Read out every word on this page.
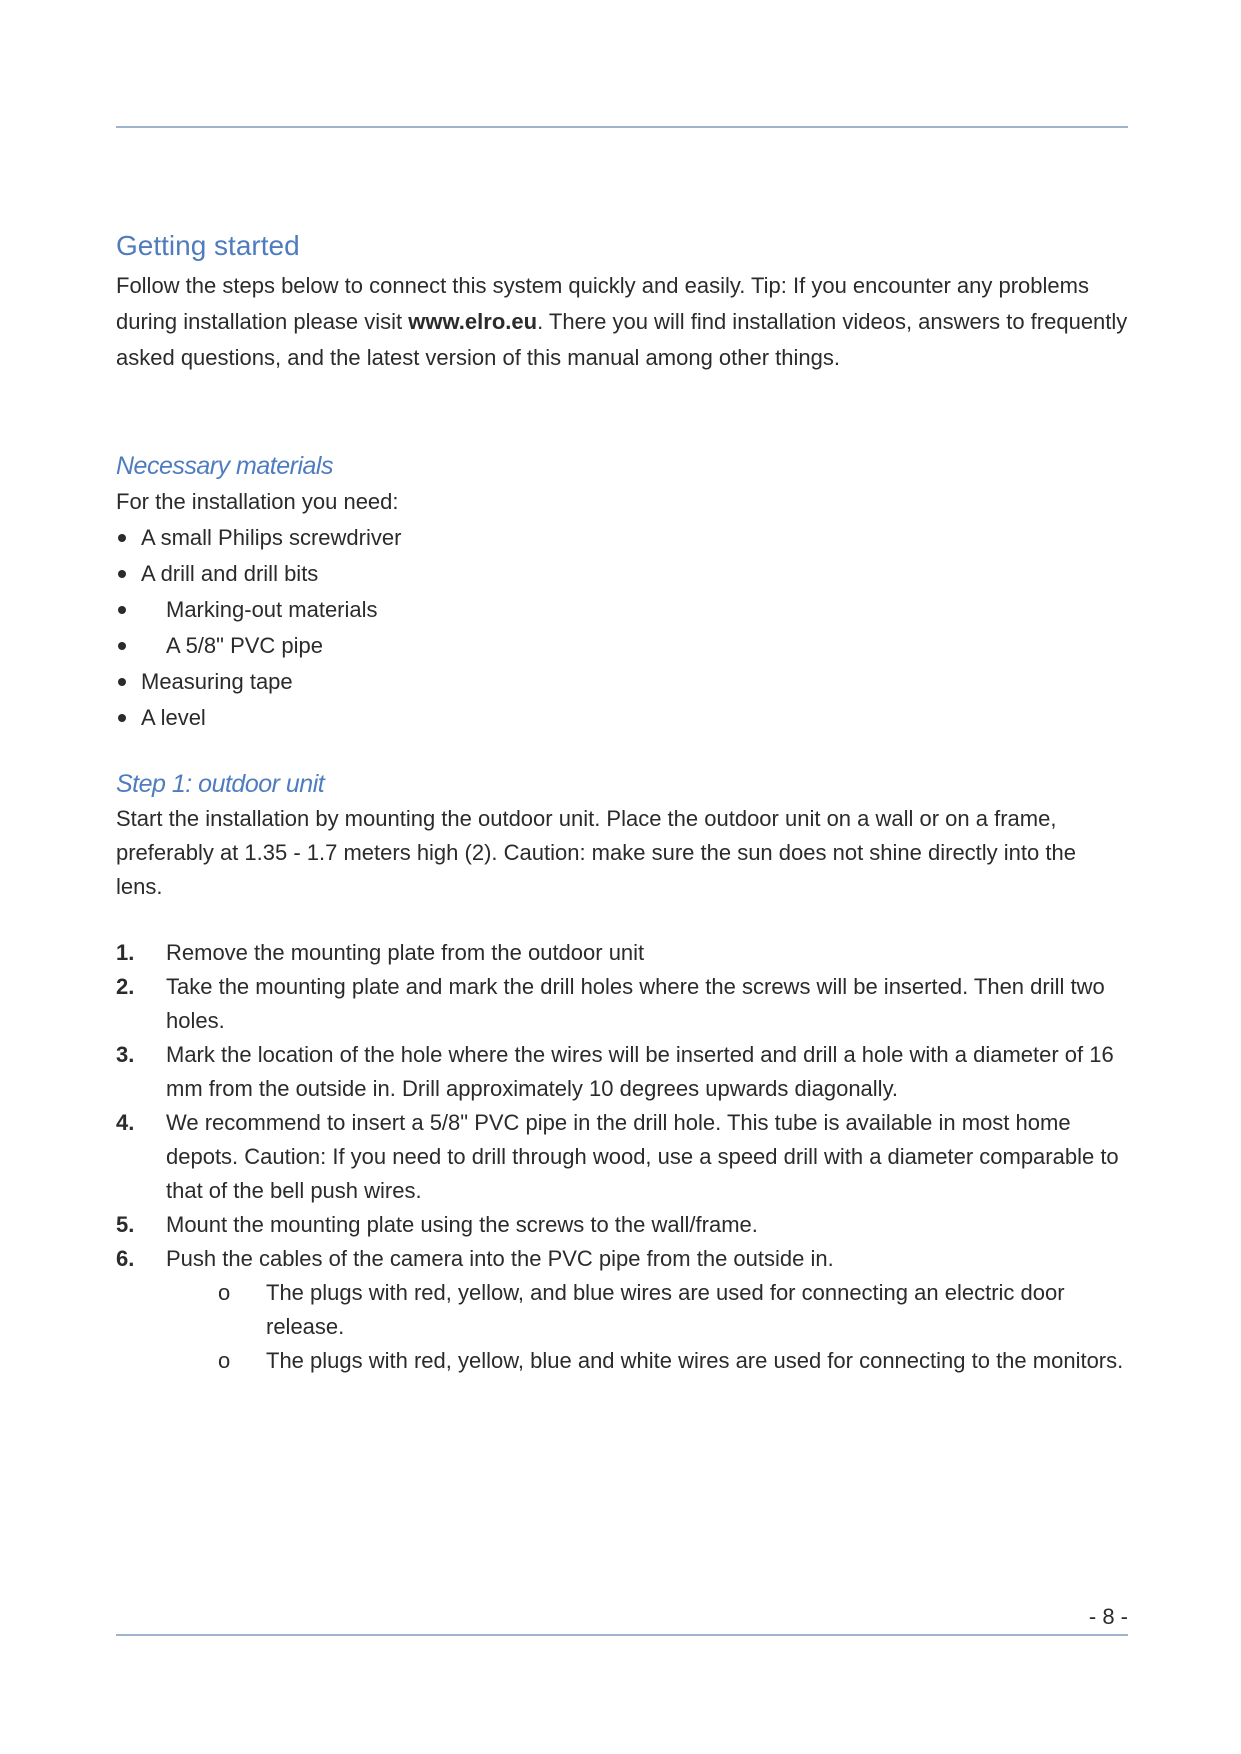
Getting started

Follow the steps below to connect this system quickly and easily. Tip: If you encounter any problems during installation please visit www.elro.eu. There you will find installation videos, answers to frequently asked questions, and the latest version of this manual among other things.

Necessary materials

For the installation you need:

A small Philips screwdriver
A drill and drill bits
Marking-out materials
A 5/8" PVC pipe
Measuring tape
A level
Step 1: outdoor unit

Start the installation by mounting the outdoor unit. Place the outdoor unit on a wall or on a frame, preferably at 1.35 - 1.7 meters high (2). Caution: make sure the sun does not shine directly into the lens.

1. Remove the mounting plate from the outdoor unit
2. Take the mounting plate and mark the drill holes where the screws will be inserted. Then drill two holes.
3. Mark the location of the hole where the wires will be inserted and drill a hole with a diameter of 16 mm from the outside in. Drill approximately 10 degrees upwards diagonally.
4. We recommend to insert a 5/8" PVC pipe in the drill hole. This tube is available in most home depots. Caution: If you need to drill through wood, use a speed drill with a diameter comparable to that of the bell push wires.
5. Mount the mounting plate using the screws to the wall/frame.
6. Push the cables of the camera into the PVC pipe from the outside in.
o The plugs with red, yellow, and blue wires are used for connecting an electric door release.
o The plugs with red, yellow, blue and white wires are used for connecting to the monitors.
- 8 -
